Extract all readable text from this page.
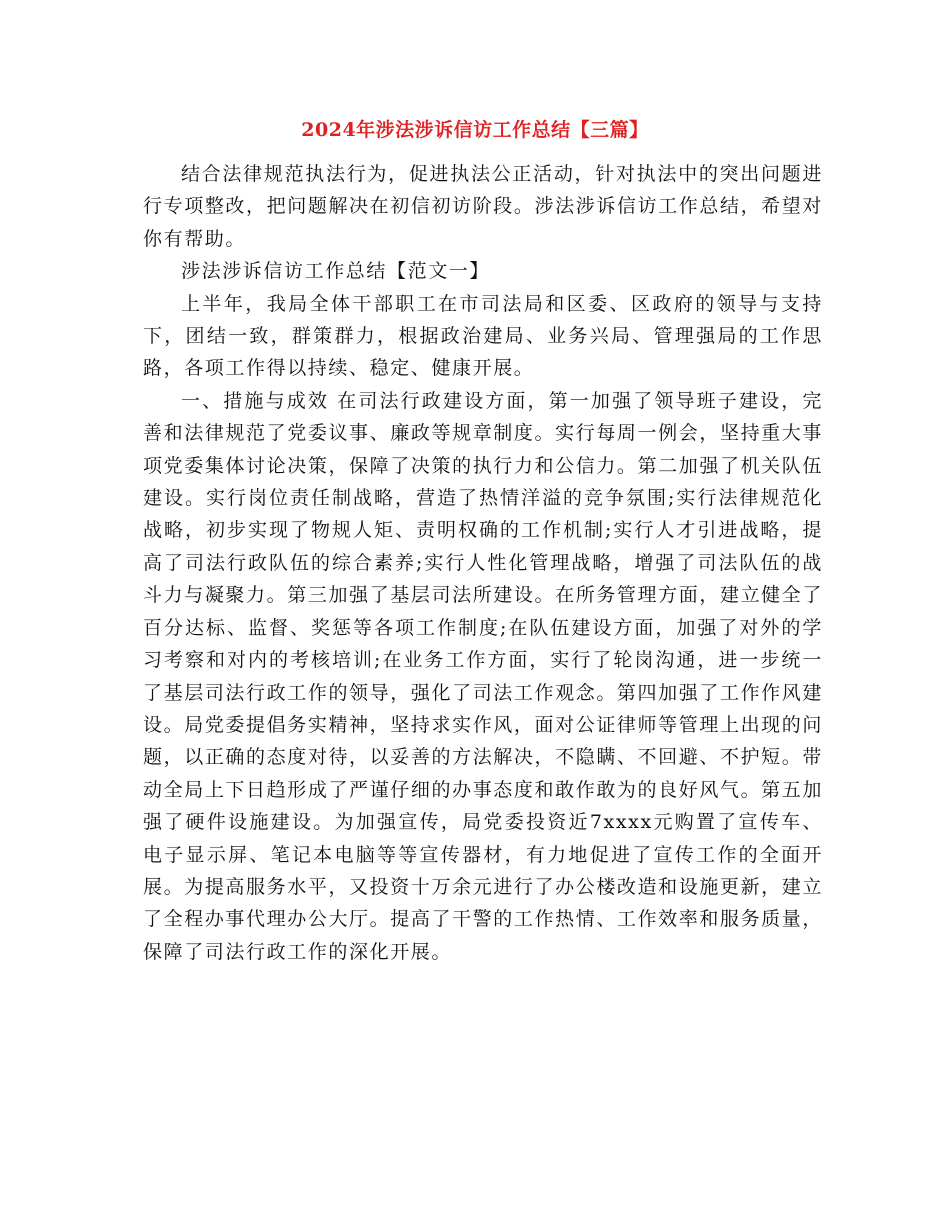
2024年涉法涉诉信访工作总结【三篇】

结合法律规范执法行为，促进执法公正活动，针对执法中的突出问题进行专项整改，把问题解决在初信初访阶段。涉法涉诉信访工作总结，希望对你有帮助。

涉法涉诉信访工作总结【范文一】

上半年，我局全体干部职工在市司法局和区委、区政府的领导与支持下，团结一致，群策群力，根据政治建局、业务兴局、管理强局的工作思路，各项工作得以持续、稳定、健康开展。

一、措施与成效 在司法行政建设方面，第一加强了领导班子建设，完善和法律规范了党委议事、廉政等规章制度。实行每周一例会，坚持重大事项党委集体讨论决策，保障了决策的执行力和公信力。第二加强了机关队伍建设。实行岗位责任制战略，营造了热情洋溢的竞争氛围;实行法律规范化战略，初步实现了物规人矩、责明权确的工作机制;实行人才引进战略，提高了司法行政队伍的综合素养;实行人性化管理战略，增强了司法队伍的战斗力与凝聚力。第三加强了基层司法所建设。在所务管理方面，建立健全了百分达标、监督、奖惩等各项工作制度;在队伍建设方面，加强了对外的学习考察和对内的考核培训;在业务工作方面，实行了轮岗沟通，进一步统一了基层司法行政工作的领导，强化了司法工作观念。第四加强了工作作风建设。局党委提倡务实精神，坚持求实作风，面对公证律师等管理上出现的问题，以正确的态度对待，以妥善的方法解决，不隐瞒、不回避、不护短。带动全局上下日趋形成了严谨仔细的办事态度和敢作敢为的良好风气。第五加强了硬件设施建设。为加强宣传，局党委投资近7xxxx元购置了宣传车、电子显示屏、笔记本电脑等等宣传器材，有力地促进了宣传工作的全面开展。为提高服务水平，又投资十万余元进行了办公楼改造和设施更新，建立了全程办事代理办公大厅。提高了干警的工作热情、工作效率和服务质量，保障了司法行政工作的深化开展。
